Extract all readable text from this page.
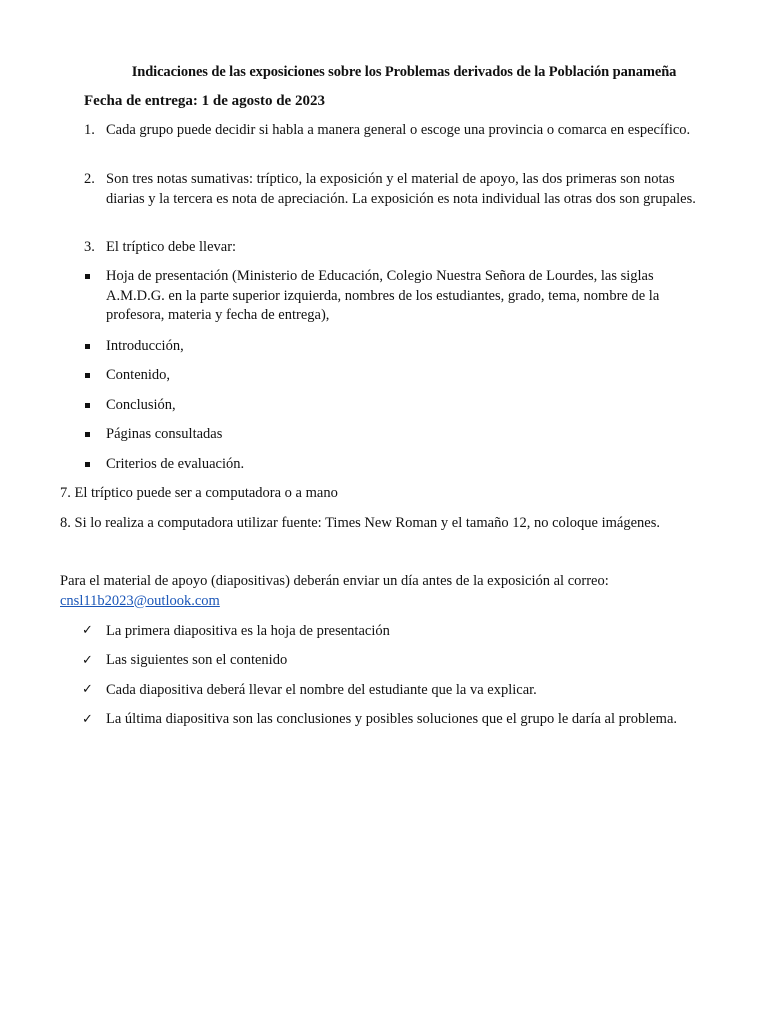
Indicaciones de las exposiciones sobre los Problemas derivados de la Población panameña
Fecha de entrega: 1 de agosto de 2023
1. Cada grupo puede decidir si habla a manera general o escoge una provincia o comarca en específico.
2. Son tres notas sumativas: tríptico, la exposición y el material de apoyo, las dos primeras son notas diarias y la tercera es nota de apreciación. La exposición es nota individual las otras dos son grupales.
3. El tríptico debe llevar:
Hoja de presentación (Ministerio de Educación, Colegio Nuestra Señora de Lourdes, las siglas A.M.D.G. en la parte superior izquierda, nombres de los estudiantes, grado, tema, nombre de la profesora, materia y fecha de entrega),
Introducción,
Contenido,
Conclusión,
Páginas consultadas
Criterios de evaluación.
7. El tríptico puede ser a computadora o a mano
8. Si lo realiza a computadora utilizar fuente: Times New Roman y el tamaño 12, no coloque imágenes.
Para el material de apoyo (diapositivas) deberán enviar un día antes de la exposición al correo:
cnsl11b2023@outlook.com
✓ La primera diapositiva es la hoja de presentación
✓ Las siguientes son el contenido
✓ Cada diapositiva deberá llevar el nombre del estudiante que la va explicar.
✓ La última diapositiva son las conclusiones y posibles soluciones que el grupo le daría al problema.
